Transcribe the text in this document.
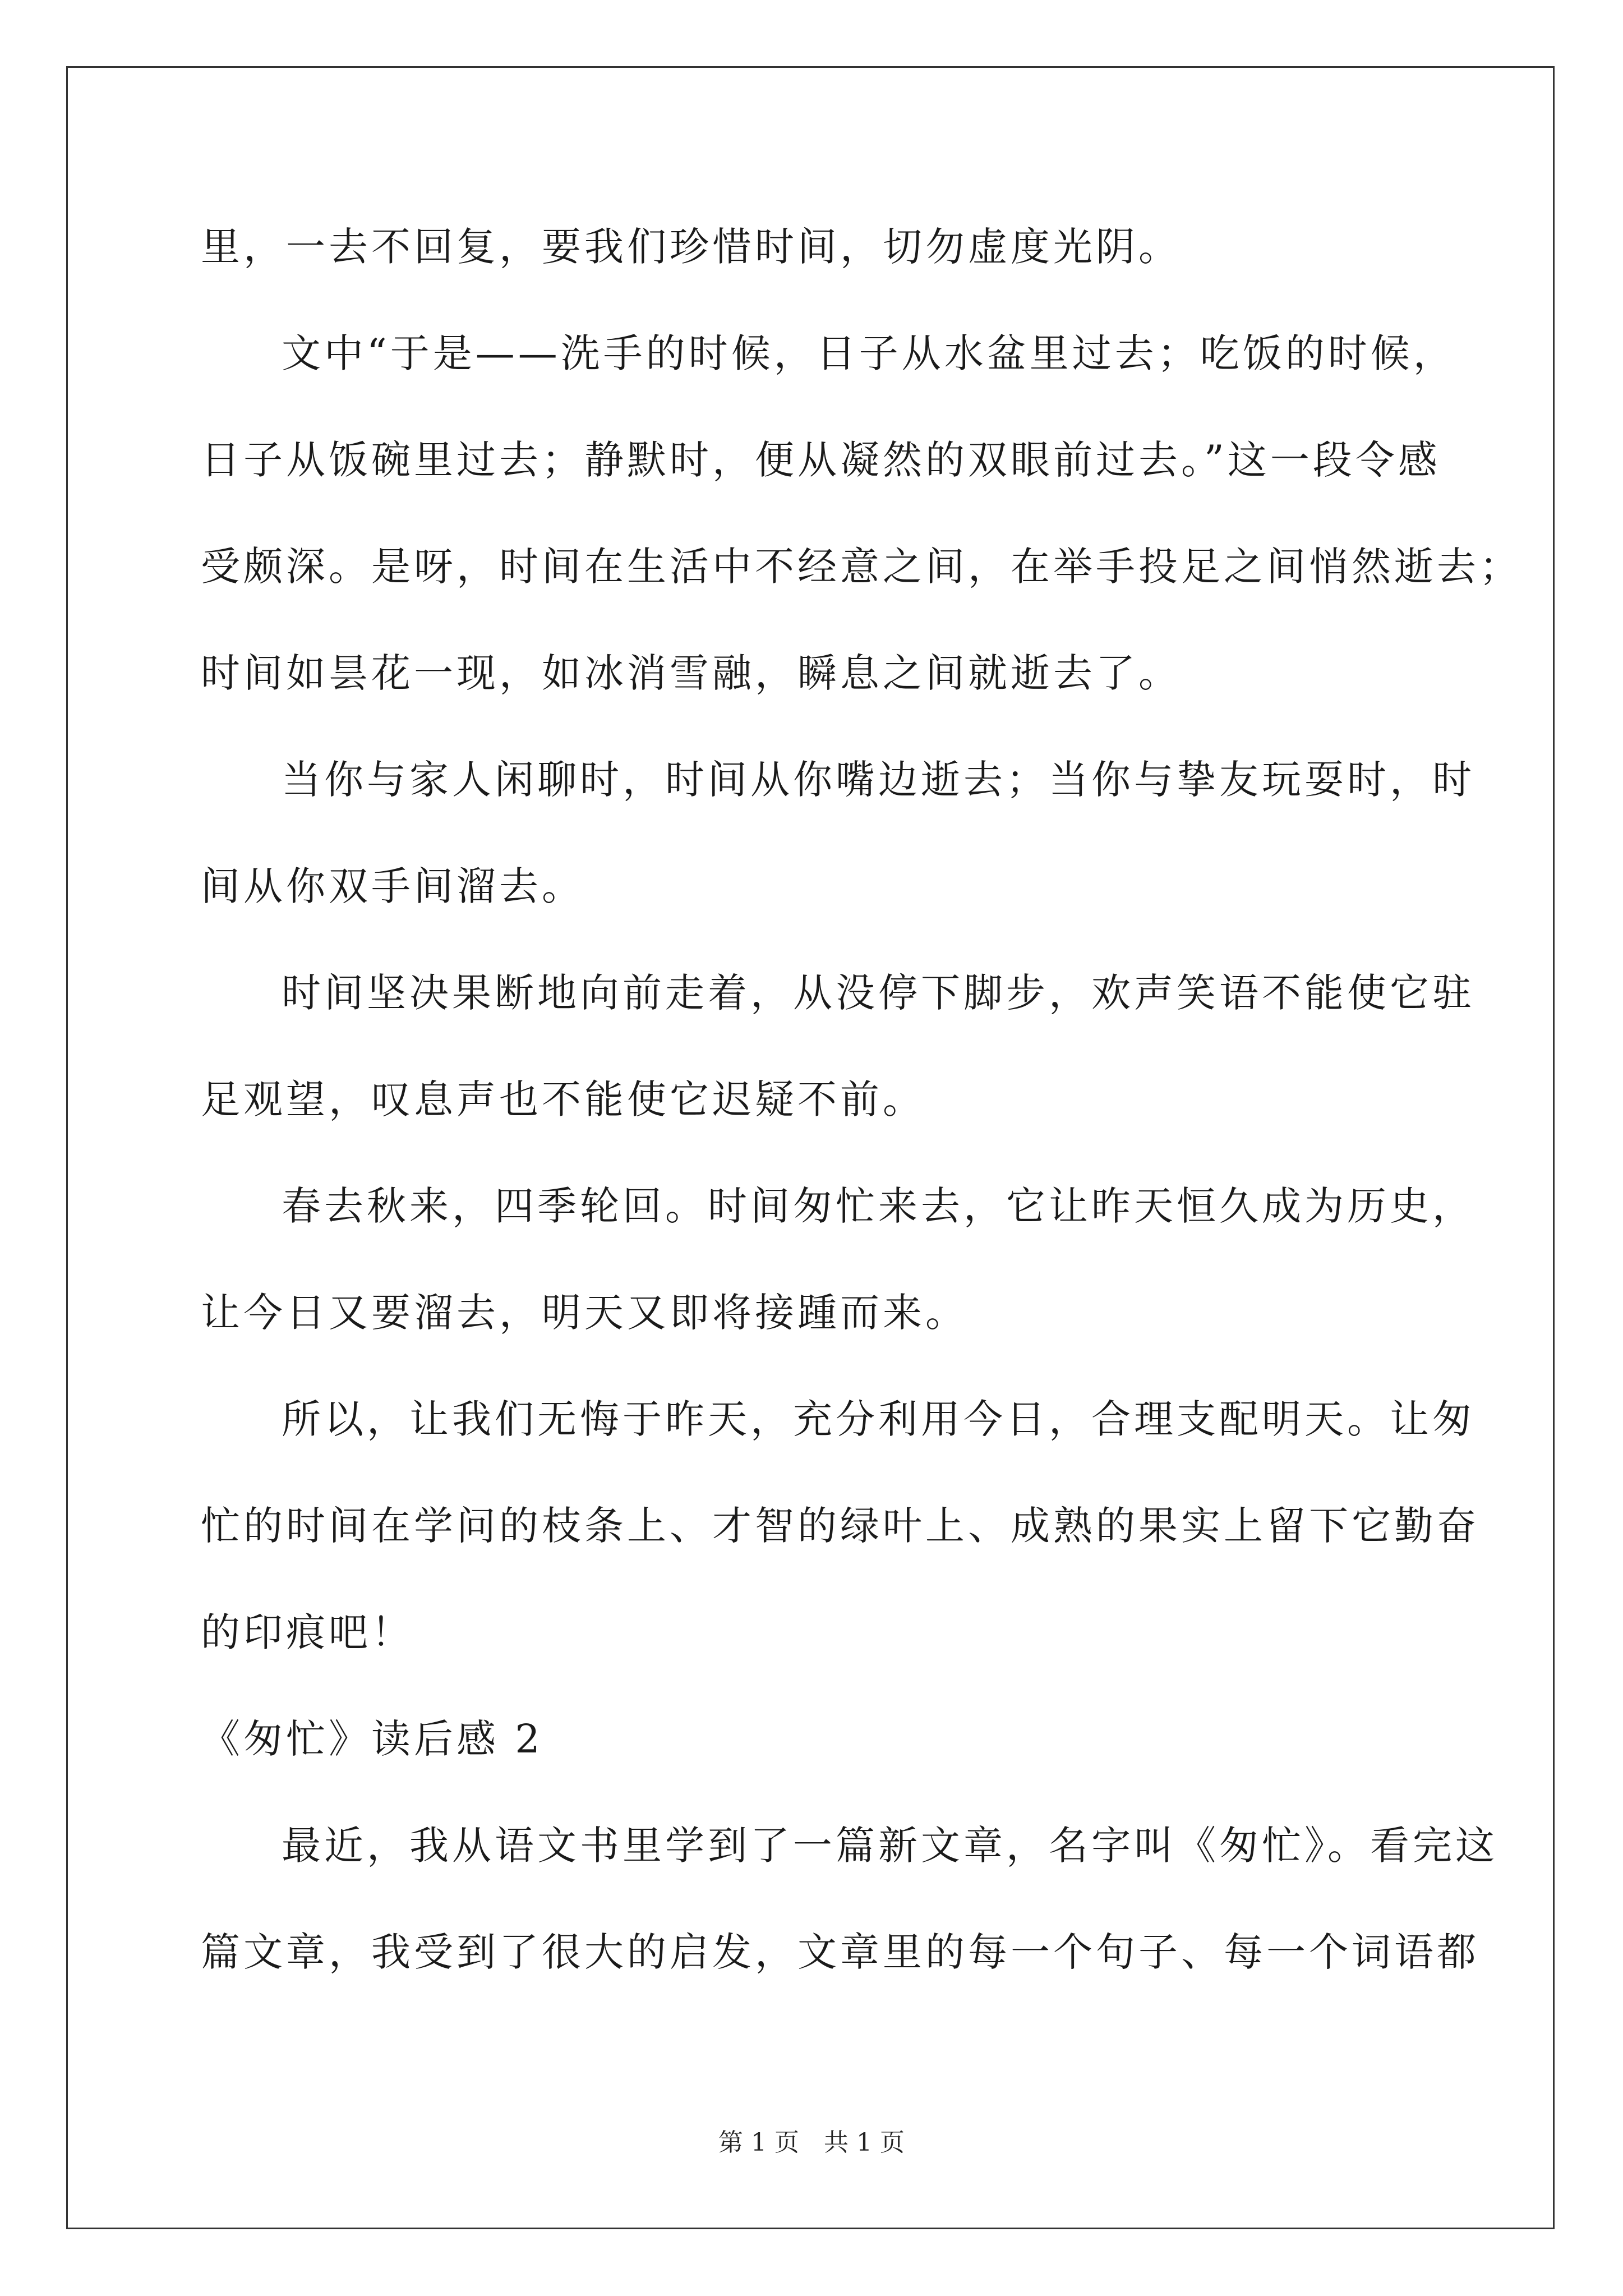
里，一去不回复，要我们珍惜时间，切勿虚度光阴。
文中“于是——洗手的时候，日子从水盆里过去；吃饭的时候，
日子从饭碗里过去；静默时，便从凝然的双眼前过去。”这一段令感
受颇深。是呀，时间在生活中不经意之间，在举手投足之间悄然逝去；
时间如昙花一现，如冰消雪融，瞬息之间就逝去了。
当你与家人闲聊时，时间从你嘴边逝去；当你与挚友玩耍时，时
间从你双手间溜去。
时间坚决果断地向前走着，从没停下脚步，欢声笑语不能使它驻
足观望，叹息声也不能使它迟疑不前。
春去秋来，四季轮回。时间匆忙来去，它让昨天恒久成为历史，
让今日又要溜去，明天又即将接踵而来。
所以，让我们无悔于昨天，充分利用今日，合理支配明天。让匆
忙的时间在学问的枝条上、才智的绿叶上、成熟的果实上留下它勤奋
的印痕吧！
《匆忙》读后感 2
最近，我从语文书里学到了一篇新文章，名字叫《匆忙》。看完这
篇文章，我受到了很大的启发，文章里的每一个句子、每一个词语都
第 1 页　共 1 页
